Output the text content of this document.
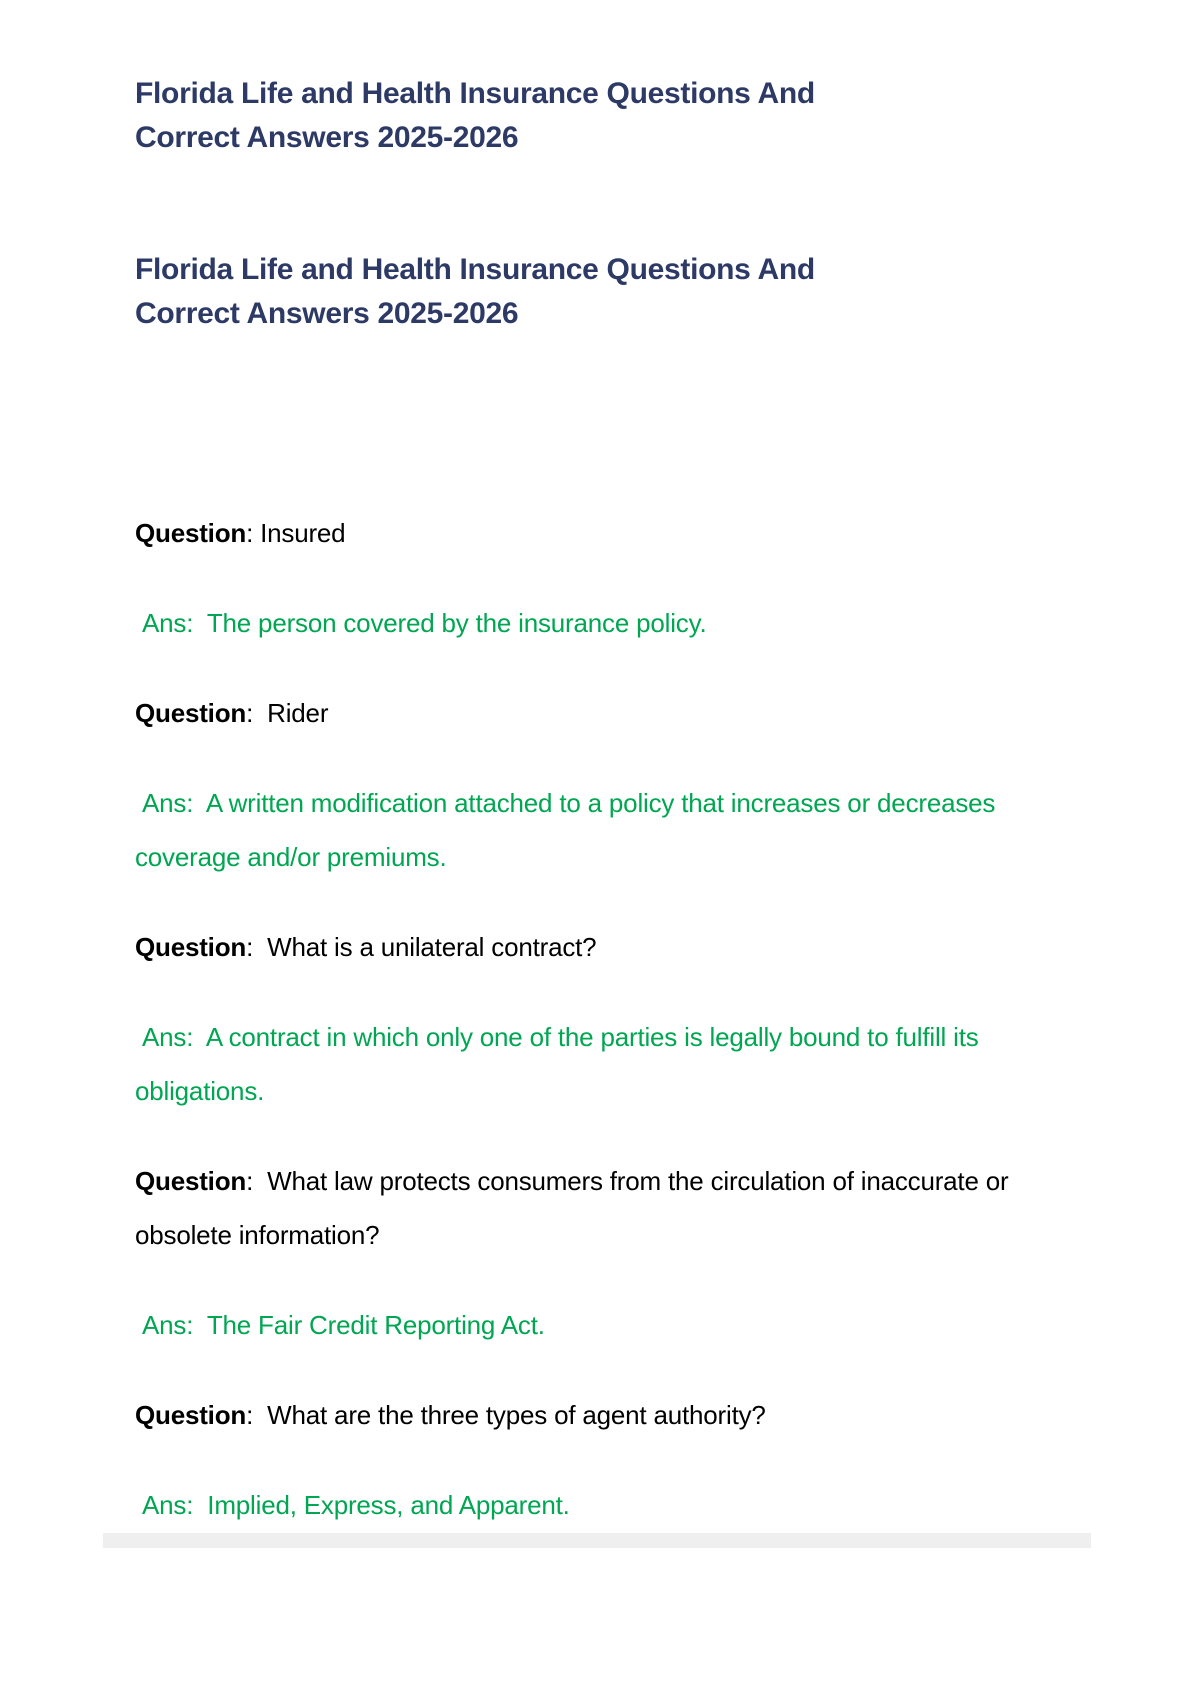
Florida Life and Health Insurance Questions And
Correct Answers 2025-2026
Florida Life and Health Insurance Questions And
Correct Answers 2025-2026

Question: Insured

Ans:  The person covered by the insurance policy.

Question:  Rider

Ans:  A written modification attached to a policy that increases or decreases coverage and/or premiums.

Question:  What is a unilateral contract?

Ans:  A contract in which only one of the parties is legally bound to fulfill its obligations.

Question:  What law protects consumers from the circulation of inaccurate or obsolete information?

Ans:  The Fair Credit Reporting Act.

Question:  What are the three types of agent authority?

Ans:  Implied, Express, and Apparent.
